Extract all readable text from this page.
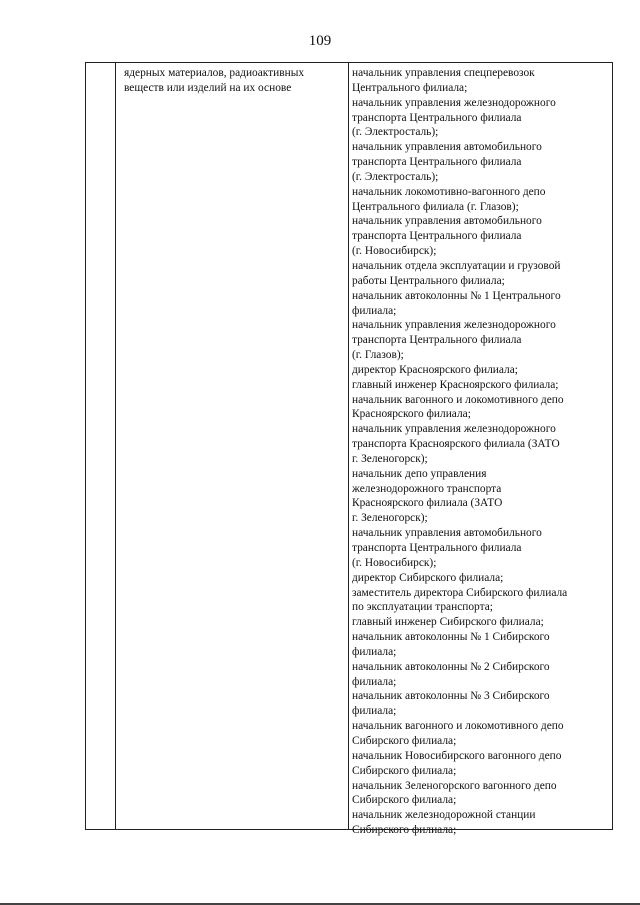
109
ядерных материалов, радиоактивных
веществ или изделий на их основе
начальник управления спецперевозок
Центрального филиала;
начальник управления железнодорожного
транспорта Центрального филиала
(г. Электросталь);
начальник управления автомобильного
транспорта Центрального филиала
(г. Электросталь);
начальник локомотивно-вагонного депо
Центрального филиала (г. Глазов);
начальник управления автомобильного
транспорта Центрального филиала
(г. Новосибирск);
начальник отдела эксплуатации и грузовой
работы Центрального филиала;
начальник автоколонны № 1 Центрального
филиала;
начальник управления железнодорожного
транспорта Центрального филиала
(г. Глазов);
директор Красноярского филиала;
главный инженер Красноярского филиала;
начальник вагонного и локомотивного депо
Красноярского филиала;
начальник управления железнодорожного
транспорта Красноярского филиала (ЗАТО
г. Зеленогорск);
начальник депо управления
железнодорожного транспорта
Красноярского филиала (ЗАТО
г. Зеленогорск);
начальник управления автомобильного
транспорта Центрального филиала
(г. Новосибирск);
директор Сибирского филиала;
заместитель директора Сибирского филиала
по эксплуатации транспорта;
главный инженер Сибирского филиала;
начальник автоколонны № 1 Сибирского
филиала;
начальник автоколонны № 2 Сибирского
филиала;
начальник автоколонны № 3 Сибирского
филиала;
начальник вагонного и локомотивного депо
Сибирского филиала;
начальник Новосибирского вагонного депо
Сибирского филиала;
начальник Зеленогорского вагонного депо
Сибирского филиала;
начальник железнодорожной станции
Сибирского филиала;
